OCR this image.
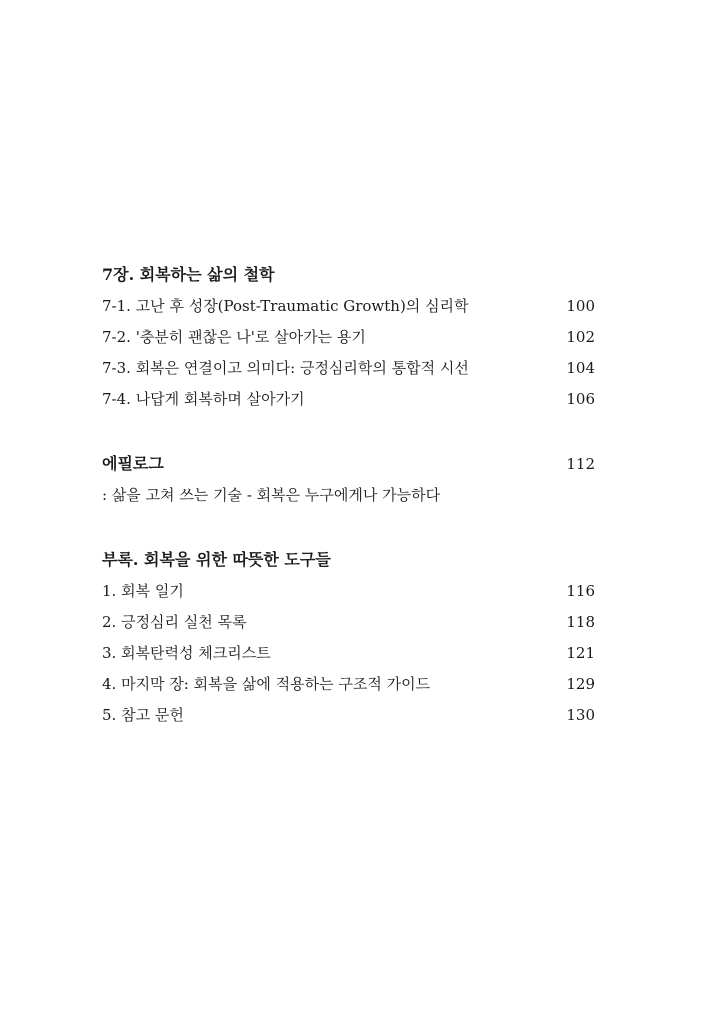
7장. 회복하는 삶의 철학
7-1. 고난 후 성장(Post-Traumatic Growth)의 심리학	100
7-2. '충분히 괜찮은 나'로 살아가는 용기	102
7-3. 회복은 연결이고 의미다: 긍정심리학의 통합적 시선	104
7-4. 나답게 회복하며 살아가기	106
에필로그	112
: 삶을 고쳐 쓰는 기술 - 회복은 누구에게나 가능하다
부록. 회복을 위한 따뜻한 도구들
1. 회복 일기	116
2. 긍정심리 실천 목록	118
3. 회복탄력성 체크리스트	121
4. 마지막 장: 회복을 삶에 적용하는 구조적 가이드	129
5. 참고 문헌	130
